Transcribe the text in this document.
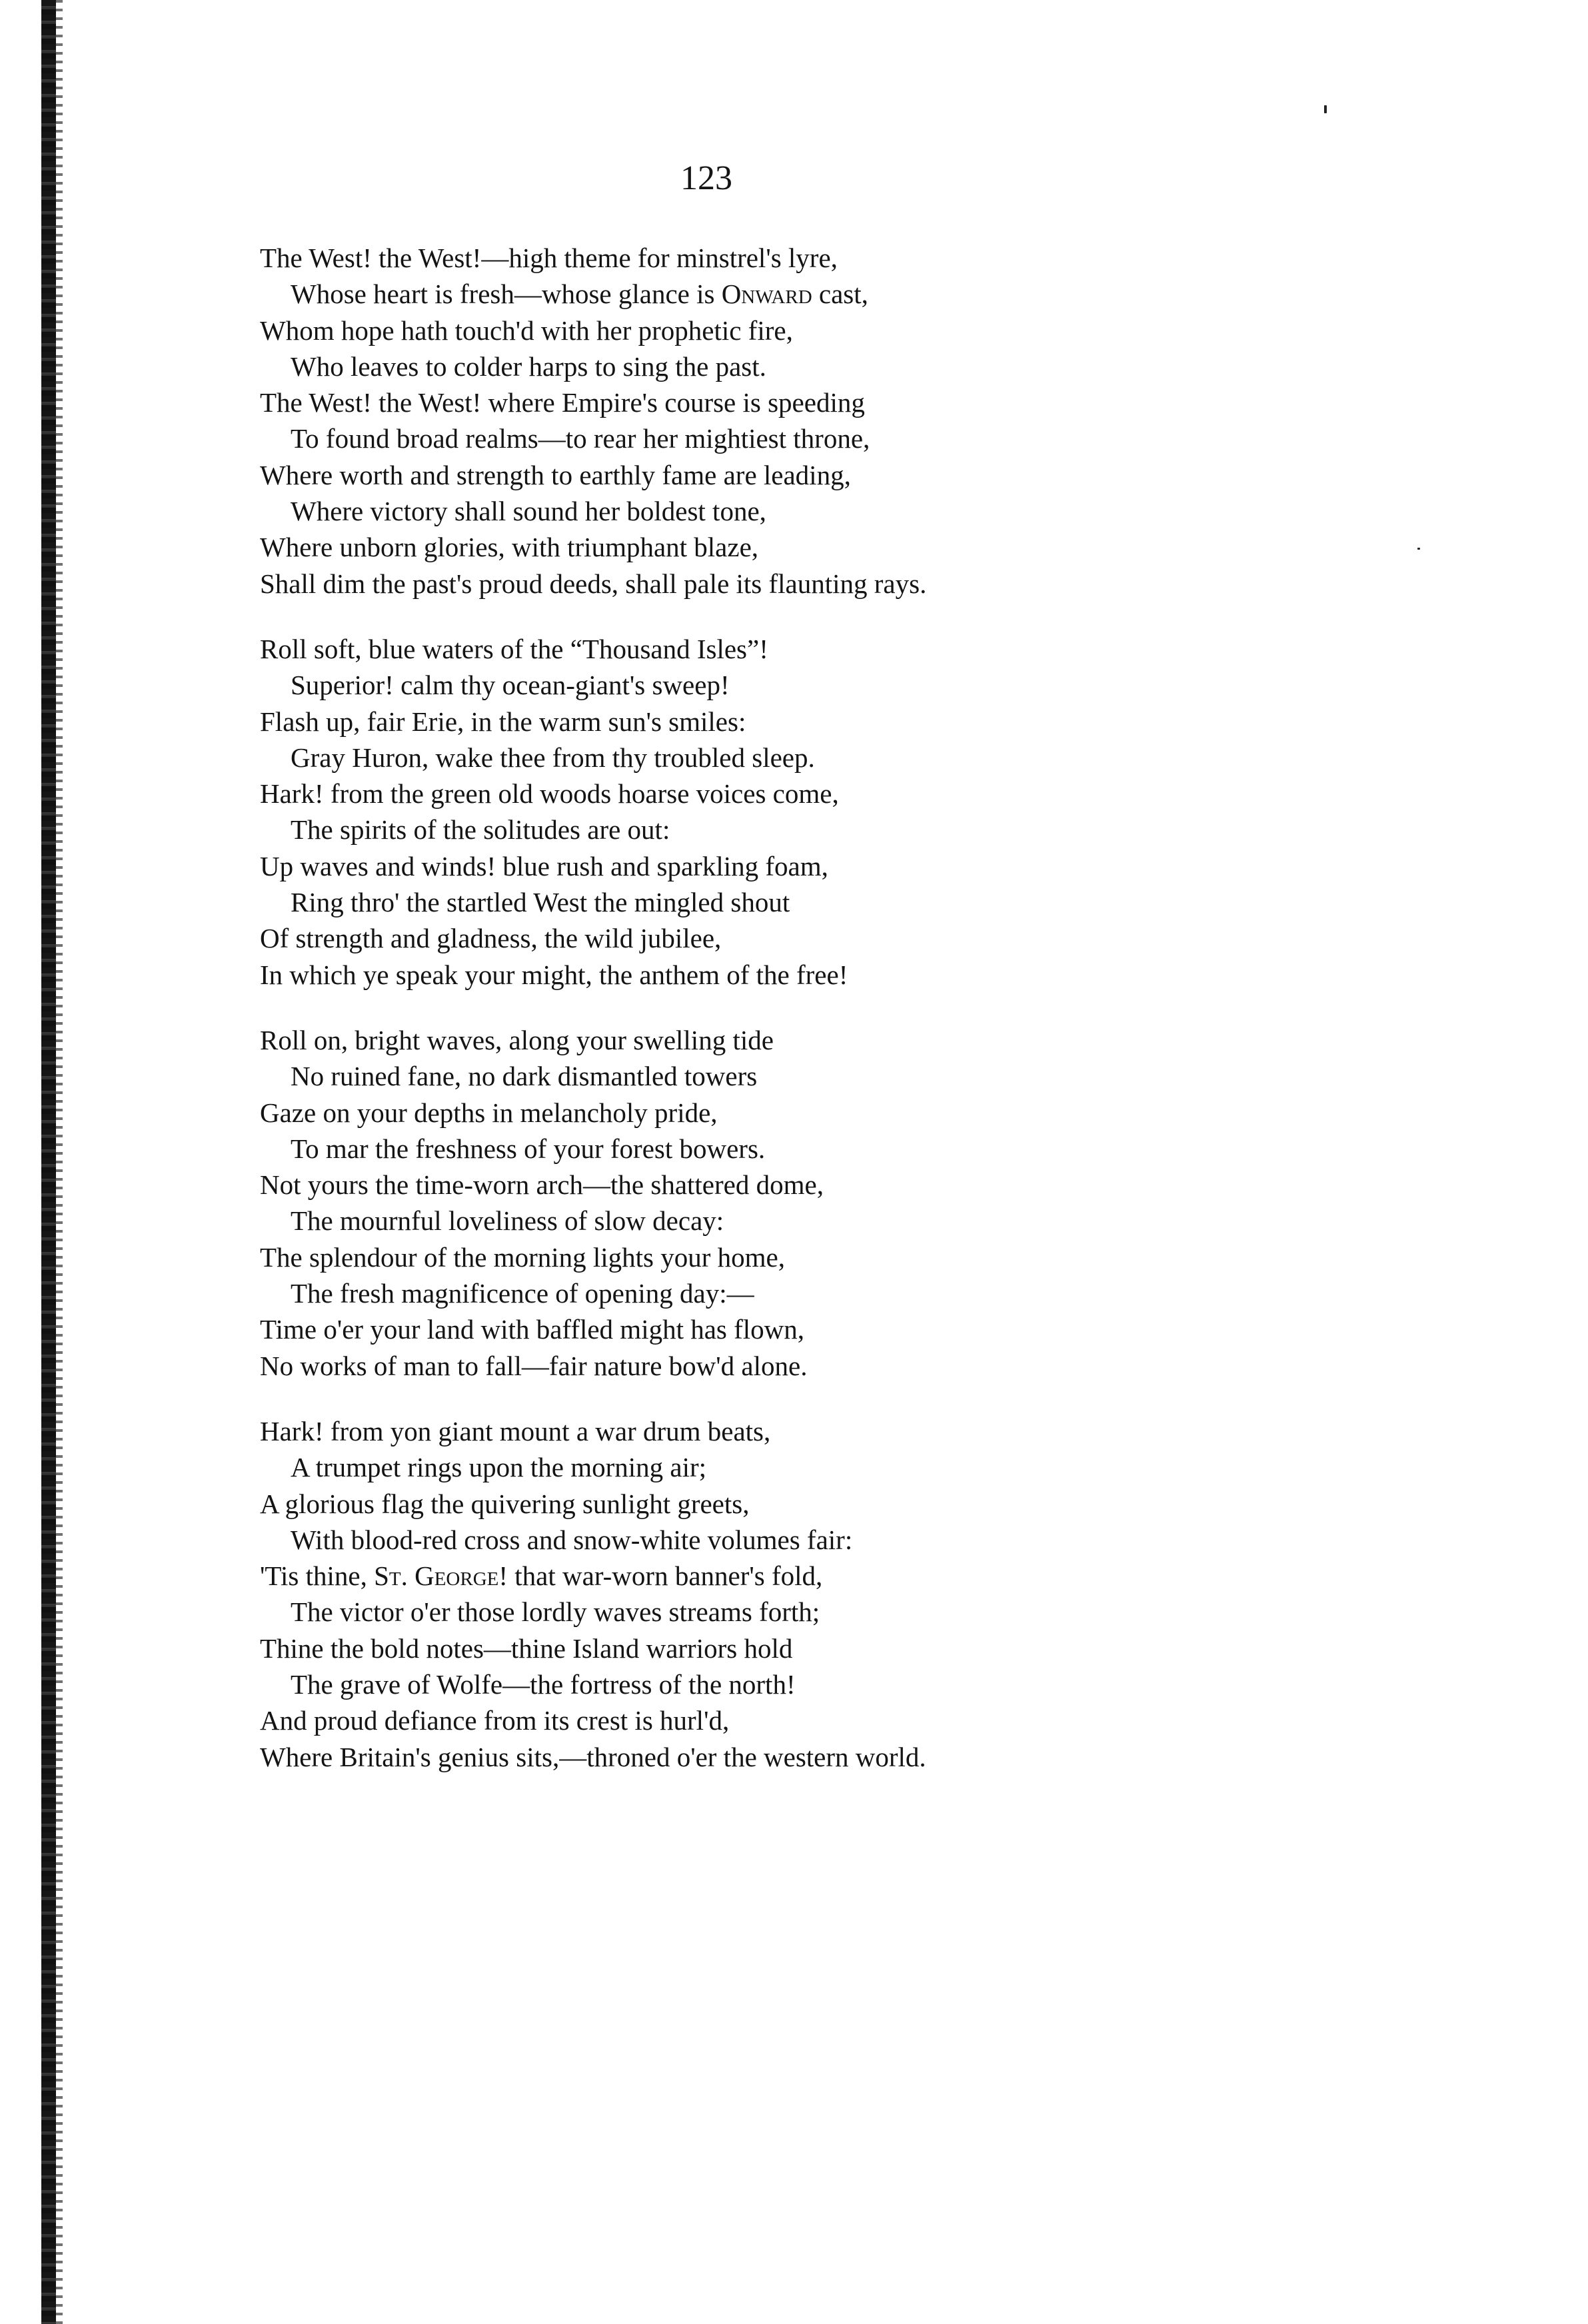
123
The West! the West!—high theme for minstrel's lyre,
Whose heart is fresh—whose glance is Onward cast,
Whom hope hath touch'd with her prophetic fire,
Who leaves to colder harps to sing the past.
The West! the West! where Empire's course is speeding
To found broad realms—to rear her mightiest throne,
Where worth and strength to earthly fame are leading,
Where victory shall sound her boldest tone,
Where unborn glories, with triumphant blaze,
Shall dim the past's proud deeds, shall pale its flaunting rays.
Roll soft, blue waters of the “Thousand Isles”!
Superior! calm thy ocean-giant's sweep!
Flash up, fair Erie, in the warm sun's smiles:
Gray Huron, wake thee from thy troubled sleep.
Hark! from the green old woods hoarse voices come,
The spirits of the solitudes are out:
Up waves and winds! blue rush and sparkling foam,
Ring thro' the startled West the mingled shout
Of strength and gladness, the wild jubilee,
In which ye speak your might, the anthem of the free!
Roll on, bright waves, along your swelling tide
No ruined fane, no dark dismantled towers
Gaze on your depths in melancholy pride,
To mar the freshness of your forest bowers.
Not yours the time-worn arch—the shattered dome,
The mournful loveliness of slow decay:
The splendour of the morning lights your home,
The fresh magnificence of opening day:—
Time o'er your land with baffled might has flown,
No works of man to fall—fair nature bow'd alone.
Hark! from yon giant mount a war drum beats,
A trumpet rings upon the morning air;
A glorious flag the quivering sunlight greets,
With blood-red cross and snow-white volumes fair:
'Tis thine, St. George! that war-worn banner's fold,
The victor o'er those lordly waves streams forth;
Thine the bold notes—thine Island warriors hold
The grave of Wolfe—the fortress of the north!
And proud defiance from its crest is hurl'd,
Where Britain's genius sits,—throned o'er the western world.
